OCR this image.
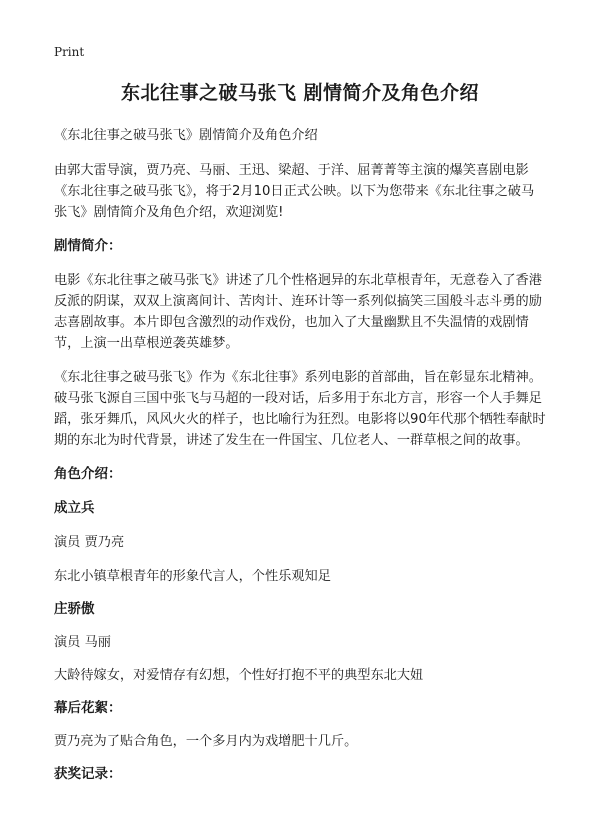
Print
东北往事之破马张飞 剧情简介及角色介绍

《东北往事之破马张飞》剧情简介及角色介绍

由郭大雷导演，贾乃亮、马丽、王迅、梁超、于洋、屈菁菁等主演的爆笑喜剧电影《东北往事之破马张飞》，将于2月10日正式公映。以下为您带来《东北往事之破马张飞》剧情简介及角色介绍，欢迎浏览!

剧情简介：

电影《东北往事之破马张飞》讲述了几个性格迥异的东北草根青年，无意卷入了香港反派的阴谋，双双上演离间计、苦肉计、连环计等一系列似搞笑三国般斗志斗勇的励志喜剧故事。本片即包含激烈的动作戏份，也加入了大量幽默且不失温情的戏剧情节，上演一出草根逆袭英雄梦。

《东北往事之破马张飞》作为《东北往事》系列电影的首部曲，旨在彰显东北精神。破马张飞源自三国中张飞与马超的一段对话，后多用于东北方言，形容一个人手舞足蹈，张牙舞爪，风风火火的样子，也比喻行为狂烈。电影将以90年代那个牺牲奉献时期的东北为时代背景，讲述了发生在一件国宝、几位老人、一群草根之间的故事。

角色介绍：
成立兵

演员 贾乃亮

东北小镇草根青年的形象代言人，个性乐观知足

庄骄傲

演员 马丽

大龄待嫁女，对爱情存有幻想，个性好打抱不平的典型东北大妞

幕后花絮：

贾乃亮为了贴合角色，一个多月内为戏增肥十几斤。

获奖记录：
